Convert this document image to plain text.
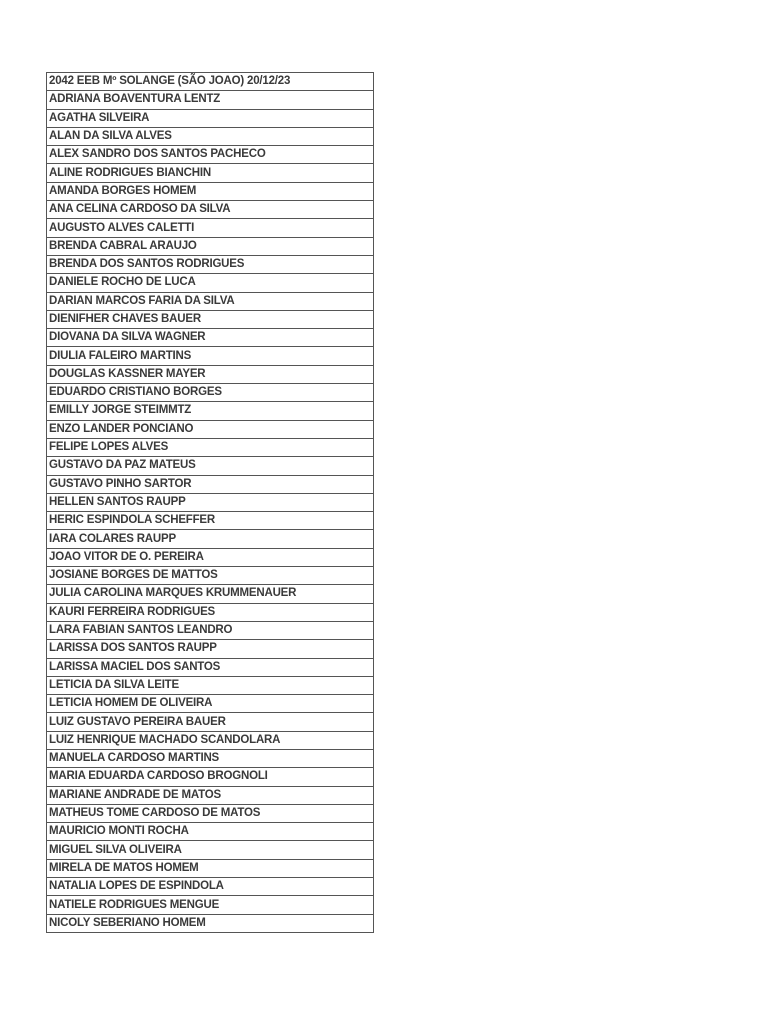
2042 EEB Mº SOLANGE (SÃO JOAO) 20/12/23
ADRIANA BOAVENTURA LENTZ
AGATHA SILVEIRA
ALAN DA SILVA ALVES
ALEX SANDRO DOS SANTOS PACHECO
ALINE RODRIGUES BIANCHIN
AMANDA BORGES HOMEM
ANA CELINA CARDOSO DA SILVA
AUGUSTO ALVES CALETTI
BRENDA CABRAL ARAUJO
BRENDA DOS SANTOS RODRIGUES
DANIELE ROCHO DE LUCA
DARIAN MARCOS FARIA DA SILVA
DIENIFHER CHAVES BAUER
DIOVANA DA SILVA WAGNER
DIULIA FALEIRO MARTINS
DOUGLAS KASSNER MAYER
EDUARDO CRISTIANO BORGES
EMILLY JORGE STEIMMTZ
ENZO LANDER PONCIANO
FELIPE LOPES ALVES
GUSTAVO DA PAZ MATEUS
GUSTAVO PINHO SARTOR
HELLEN SANTOS RAUPP
HERIC ESPINDOLA SCHEFFER
IARA COLARES RAUPP
JOAO VITOR DE O. PEREIRA
JOSIANE BORGES DE MATTOS
JULIA CAROLINA MARQUES KRUMMENAUER
KAURI FERREIRA RODRIGUES
LARA FABIAN SANTOS LEANDRO
LARISSA DOS SANTOS RAUPP
LARISSA MACIEL DOS SANTOS
LETICIA DA SILVA LEITE
LETICIA HOMEM DE OLIVEIRA
LUIZ GUSTAVO PEREIRA BAUER
LUIZ HENRIQUE MACHADO SCANDOLARA
MANUELA CARDOSO MARTINS
MARIA EDUARDA CARDOSO BROGNOLI
MARIANE ANDRADE DE MATOS
MATHEUS TOME CARDOSO DE MATOS
MAURICIO MONTI ROCHA
MIGUEL SILVA OLIVEIRA
MIRELA DE MATOS HOMEM
NATALIA LOPES DE ESPINDOLA
NATIELE RODRIGUES MENGUE
NICOLY SEBERIANO HOMEM
